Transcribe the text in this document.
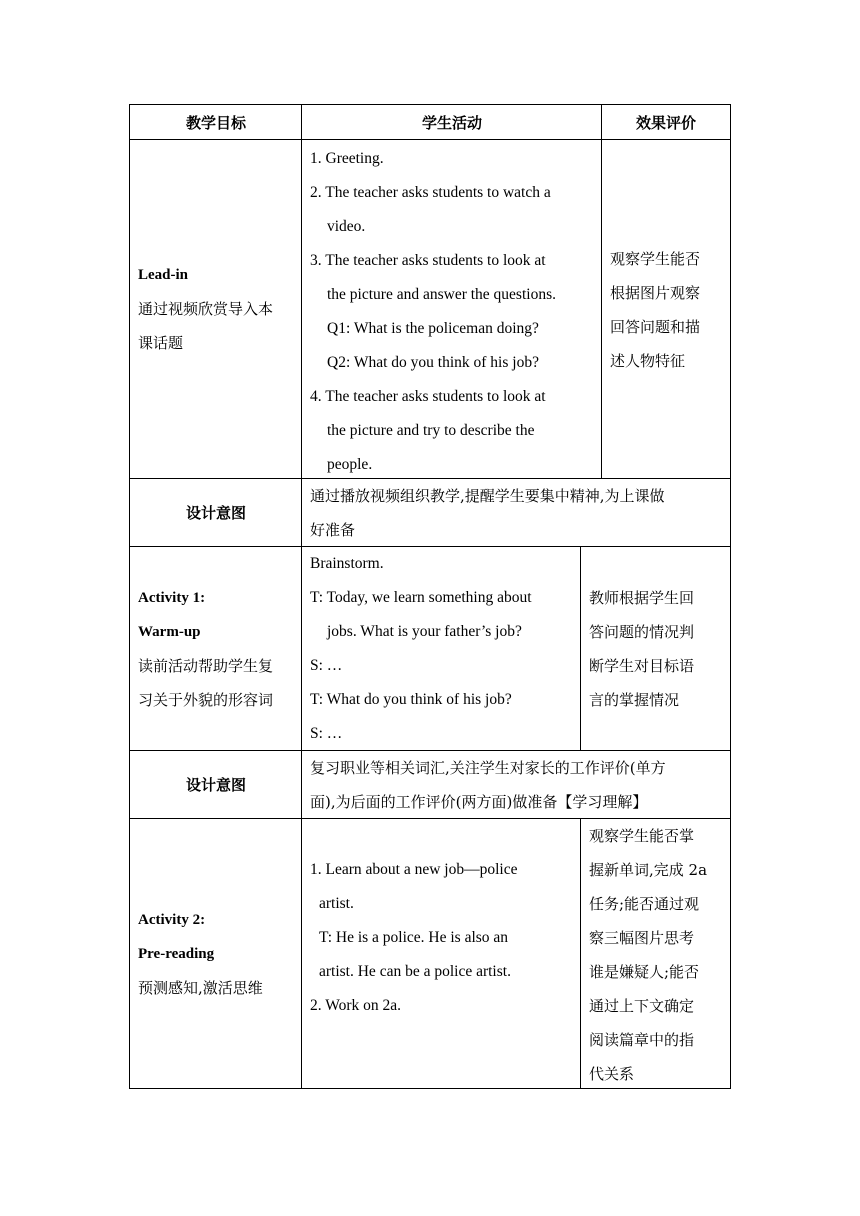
教学目标	学生活动	效果评价
Lead-in
通过视频欣赏导入本
课话题
1. Greeting.
2. The teacher asks students to watch a
video.
3. The teacher asks students to look at
the picture and answer the questions.
Q1: What is the policeman doing?
Q2: What do you think of his job?
4. The teacher asks students to look at
the picture and try to describe the
people.
观察学生能否
根据图片观察
回答问题和描
述人物特征
设计意图
通过播放视频组织教学,提醒学生要集中精神,为上课做
好准备
Activity 1:
Warm-up
读前活动帮助学生复
习关于外貌的形容词
Brainstorm.
T: Today, we learn something about
jobs. What is your father’s job?
S: …
T: What do you think of his job?
S: …
教师根据学生回
答问题的情况判
断学生对目标语
言的掌握情况
设计意图
复习职业等相关词汇,关注学生对家长的工作评价(单方
面),为后面的工作评价(两方面)做准备【学习理解】
Activity 2:
Pre-reading
预测感知,激活思维
1. Learn about a new job—police
artist.
T: He is a police. He is also an
artist. He can be a police artist.
2. Work on 2a.
观察学生能否掌
握新单词,完成 2a
任务;能否通过观
察三幅图片思考
谁是嫌疑人;能否
通过上下文确定
阅读篇章中的指
代关系
